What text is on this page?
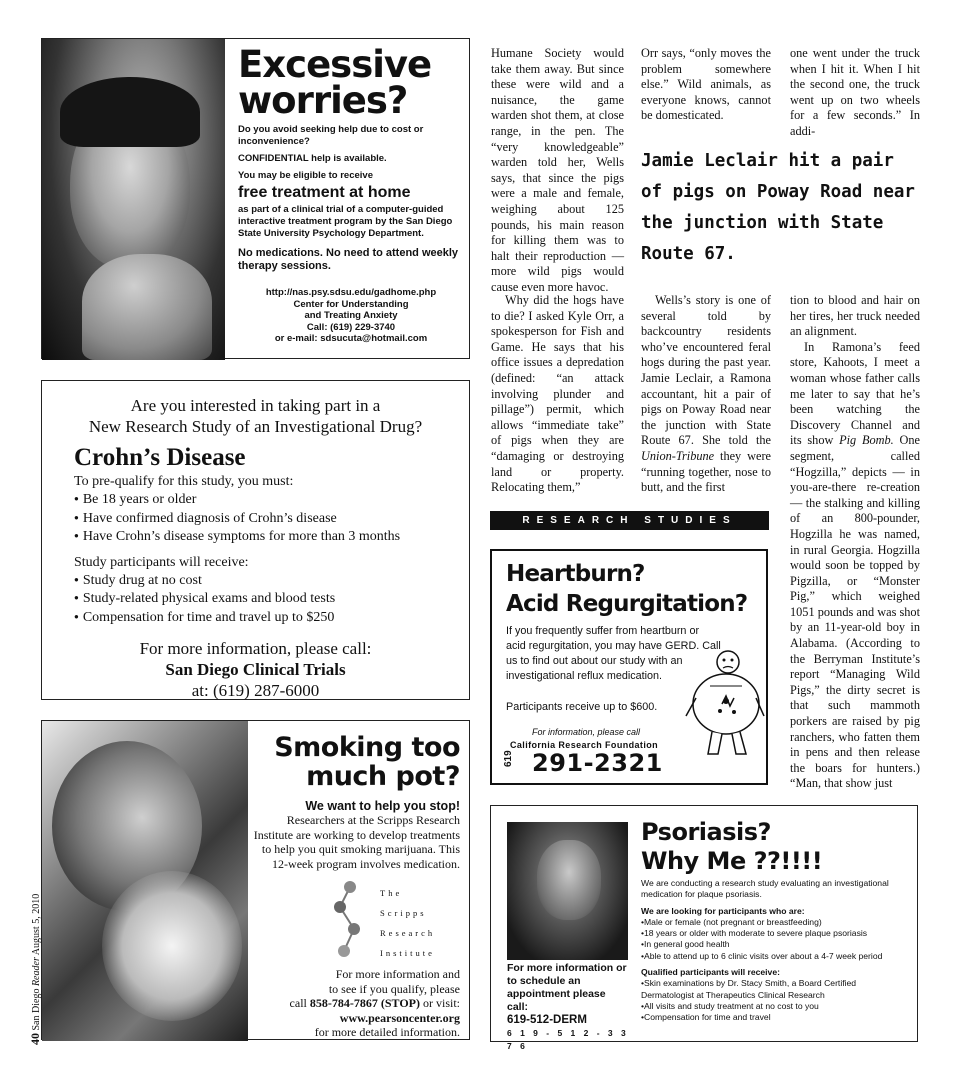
Excessive
worries?
Do you avoid seeking help due to cost or inconvenience?
CONFIDENTIAL help is available.
You may be eligible to receive
free treatment at home
as part of a clinical trial of a computer-guided interactive treatment program by the San Diego State University Psychology Department.
No medications. No need to attend weekly therapy sessions.
http://nas.psy.sdsu.edu/gadhome.php
Center for Understanding
and Treating Anxiety
Call: (619) 229-3740
or e-mail: sdsucuta@hotmail.com
Are you interested in taking part in a
New Research Study of an Investigational Drug?
Crohn’s Disease
To pre-qualify for this study, you must:
● Be 18 years or older
● Have confirmed diagnosis of Crohn’s disease
● Have Crohn’s disease symptoms for more than 3 months
Study participants will receive:
● Study drug at no cost
● Study-related physical exams and blood tests
● Compensation for time and travel up to $250
For more information, please call:
San Diego Clinical Trials
at: (619) 287-6000
Smoking too
much pot?
We want to help you stop!
Researchers at the Scripps Research Institute are working to develop treatments to help you quit smoking marijuana. This 12-week program involves medication.
The
Scripps
Research
Institute
For more information and
to see if you qualify, please
call 858-784-7867 (STOP) or visit:
www.pearsoncenter.org
for more detailed information.

Humane Society would take them away. But since these were wild and a nuisance, the game warden shot them, at close range, in the pen. The “very knowledgeable” warden told her, Wells says, that since the pigs were a male and female, weighing about 125 pounds, his main reason for killing them was to halt their reproduction — more wild pigs would cause even more havoc.

Orr says, “only moves the problem somewhere else.” Wild animals, as everyone knows, cannot be domesticated.

one went under the truck when I hit it. When I hit the second one, the truck went up on two wheels for a few seconds.” In addi-

Jamie Leclair hit a pair of pigs on Poway Road near the junction with State Route 67.

Why did the hogs have to die? I asked Kyle Orr, a spokesperson for Fish and Game. He says that his office issues a depredation (defined: “an attack involving plunder and pillage”) permit, which allows “immediate take” of pigs when they are “damaging or destroying land or property. Relocating them,”

Wells’s story is one of several told by backcountry residents who’ve encountered feral hogs during the past year. Jamie Leclair, a Ramona accountant, hit a pair of pigs on Poway Road near the junction with State Route 67. She told the Union-Tribune they were “running together, nose to butt, and the first

tion to blood and hair on her tires, her truck needed an alignment.

In Ramona’s feed store, Kahoots, I meet a woman whose father calls me later to say that he’s been watching the Discovery Channel and its show Pig Bomb. One segment, called “Hogzilla,” depicts — in you-are-there re-creation — the stalking and killing of an 800-pounder, Hogzilla he was named, in rural Georgia. Hogzilla would soon be topped by Pigzilla, or “Monster Pig,” which weighed 1051 pounds and was shot by an 11-year-old boy in Alabama. (According to the Berryman Institute’s report “Managing Wild Pigs,” the dirty secret is that such mammoth porkers are raised by pig ranchers, who fatten them in pens and then release the boars for hunters.) “Man, that show just

RESEARCH STUDIES
Heartburn?
Acid Regurgitation?
If you frequently suffer from heartburn or acid regurgitation, you may have GERD. Call us to find out about our study with an investigational reflux medication.
Participants receive up to $600.
For information, please call
California Research Foundation
619 291-2321
For more information or to schedule an appointment please call:
619-512-DERM
6 1 9 - 5 1 2 - 3 3 7 6
Psoriasis?
Why Me ??!!!!
We are conducting a research study evaluating an investigational medication for plaque psoriasis.
We are looking for participants who are:
• Male or female (not pregnant or breastfeeding)
• 18 years or older with moderate to severe plaque psoriasis
• In general good health
• Able to attend up to 6 clinic visits over about a 4-7 week period
Qualified participants will receive:
• Skin examinations by Dr. Stacy Smith, a Board Certified Dermatologist at Therapeutics Clinical Research
• All visits and study treatment at no cost to you
• Compensation for time and travel
40 San Diego Reader August 5, 2010
